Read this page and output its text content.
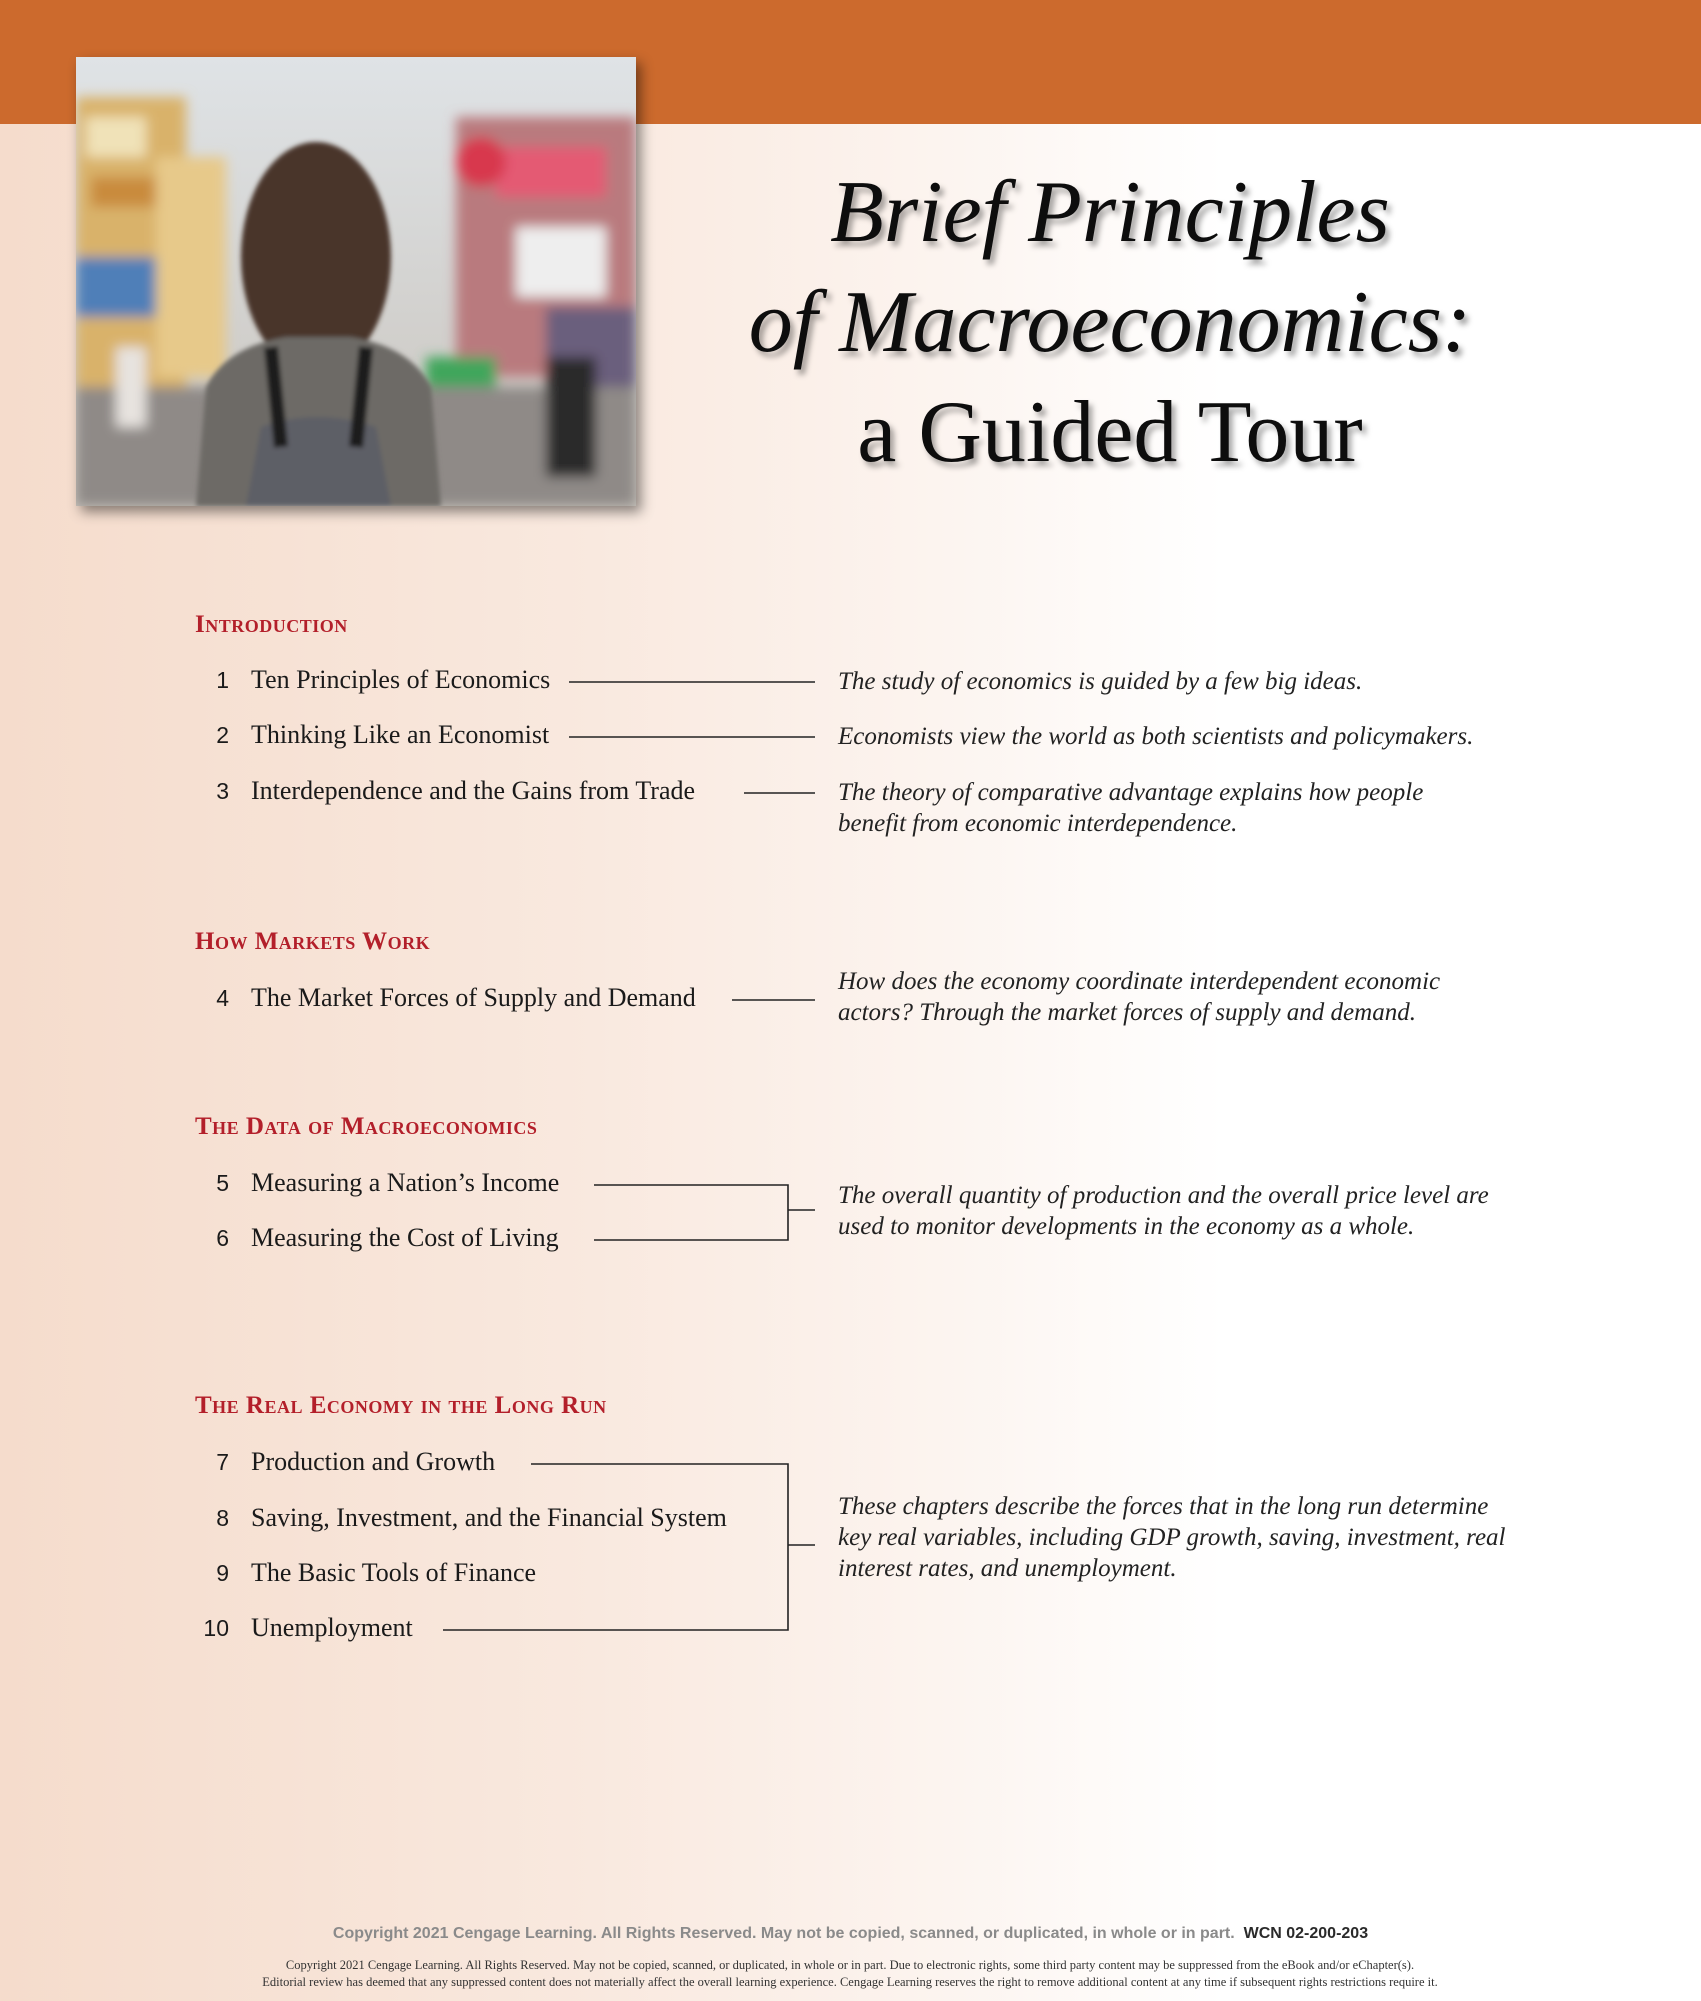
Brief Principles
of Macroeconomics:
a Guided Tour
Introduction
1 Ten Principles of Economics
2 Thinking Like an Economist
3 Interdependence and the Gains from Trade
The study of economics is guided by a few big ideas.
Economists view the world as both scientists and policymakers.
The theory of comparative advantage explains how people benefit from economic interdependence.
How Markets Work
4 The Market Forces of Supply and Demand
How does the economy coordinate interdependent economic actors? Through the market forces of supply and demand.
The Data of Macroeconomics
5 Measuring a Nation’s Income
6 Measuring the Cost of Living
The overall quantity of production and the overall price level are used to monitor developments in the economy as a whole.
The Real Economy in the Long Run
7 Production and Growth
8 Saving, Investment, and the Financial System
9 The Basic Tools of Finance
10 Unemployment
These chapters describe the forces that in the long run determine key real variables, including GDP growth, saving, investment, real interest rates, and unemployment.
Copyright 2021 Cengage Learning. All Rights Reserved. May not be copied, scanned, or duplicated, in whole or in part. WCN 02-200-203
Copyright 2021 Cengage Learning. All Rights Reserved. May not be copied, scanned, or duplicated, in whole or in part. Due to electronic rights, some third party content may be suppressed from the eBook and/or eChapter(s).
Editorial review has deemed that any suppressed content does not materially affect the overall learning experience. Cengage Learning reserves the right to remove additional content at any time if subsequent rights restrictions require it.
